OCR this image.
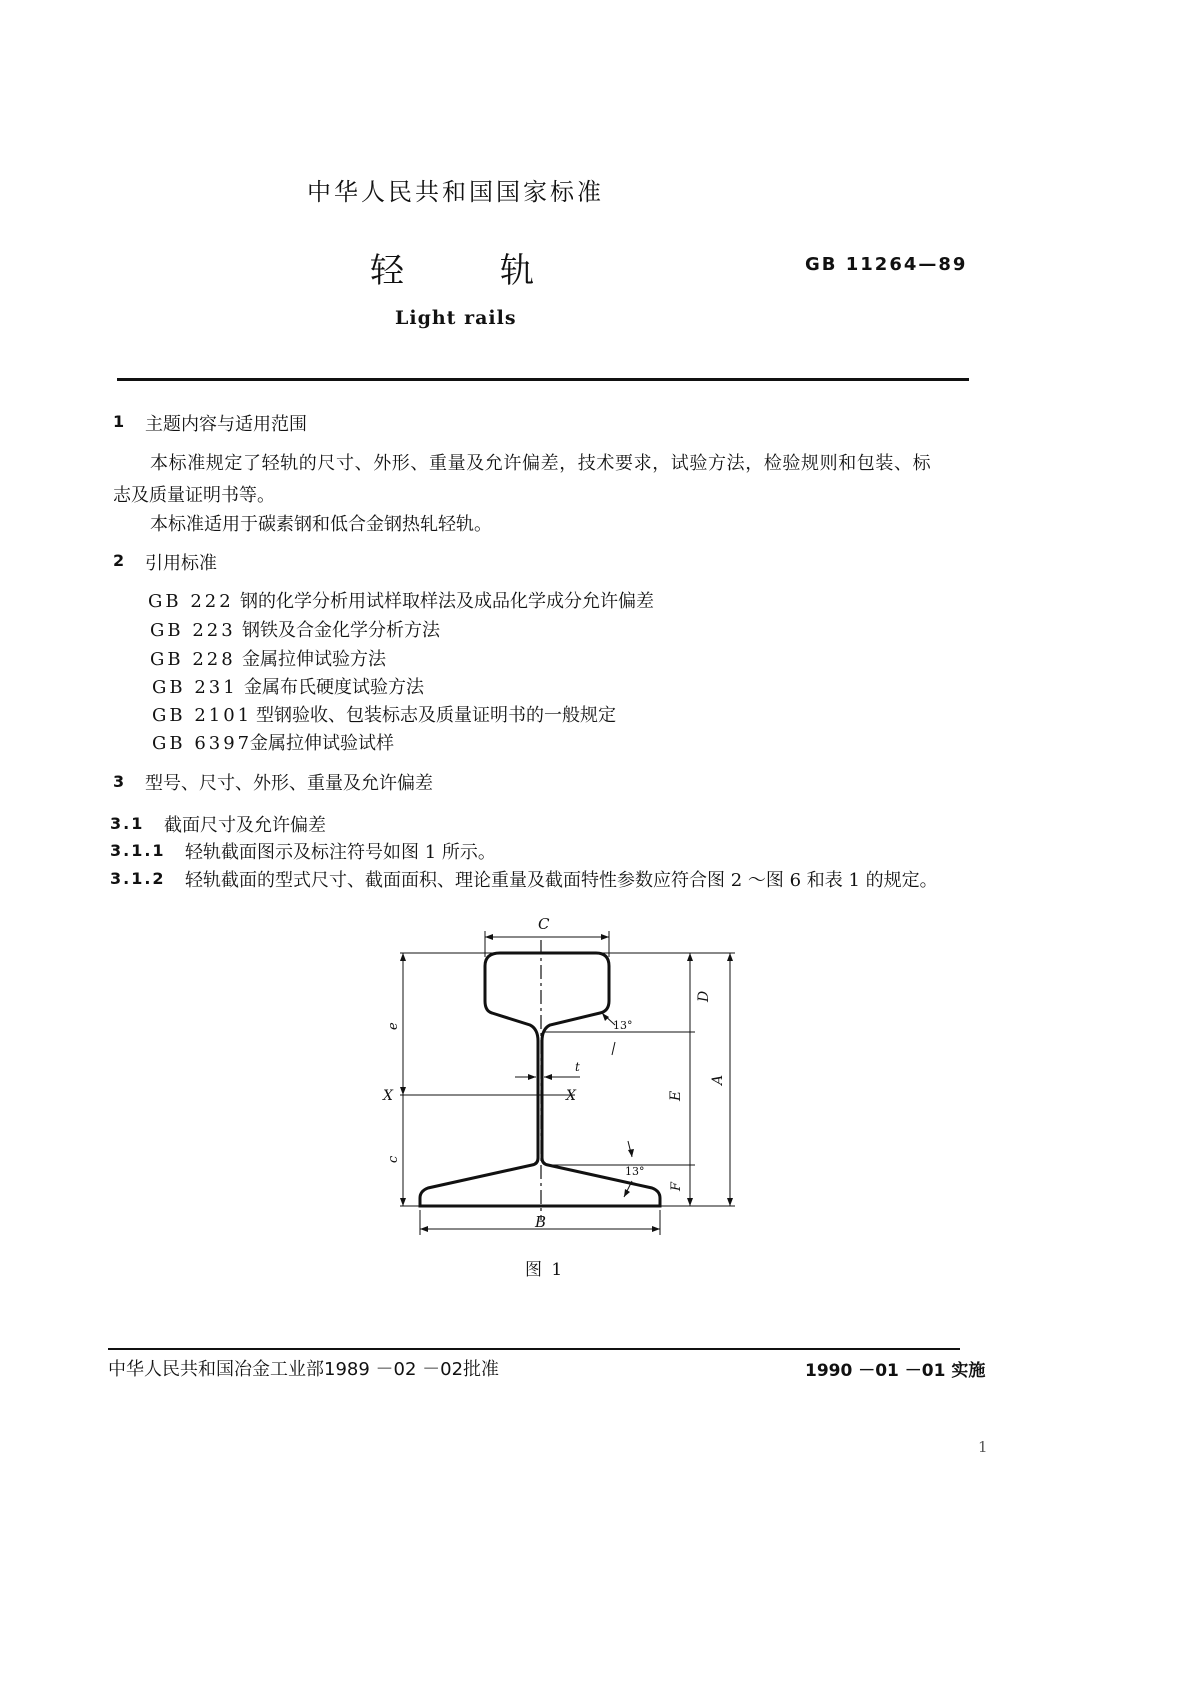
中华人民共和国国家标准
轻	轨	GB 11264—89
Light rails
1 主题内容与适用范围
本标准规定了轻轨的尺寸、外形、重量及允许偏差，技术要求，试验方法，检验规则和包装、标
志及质量证明书等。
本标准适用于碳素钢和低合金钢热轧轻轨。
2 引用标准
GB 222 钢的化学分析用试样取样法及成品化学成分允许偏差
GB 223 钢铁及合金化学分析方法
GB 228 金属拉伸试验方法
GB 231 金属布氏硬度试验方法
GB 2101 型钢验收、包装标志及质量证明书的一般规定
GB 6397金属拉伸试验试样
3 型号、尺寸、外形、重量及允许偏差
3.1 截面尺寸及允许偏差
3.1.1 轻轨截面图示及标注符号如图 1 所示。
3.1.2 轻轨截面的型式尺寸、截面面积、理论重量及截面特性参数应符合图 2 ～图 6 和表 1 的规定。
C
D
E
F
A
B
e
c
t
X	X
13°
13°
图 1
中华人民共和国冶金工业部1989 －02 －02批准	1990 －01 －01 实施
1
